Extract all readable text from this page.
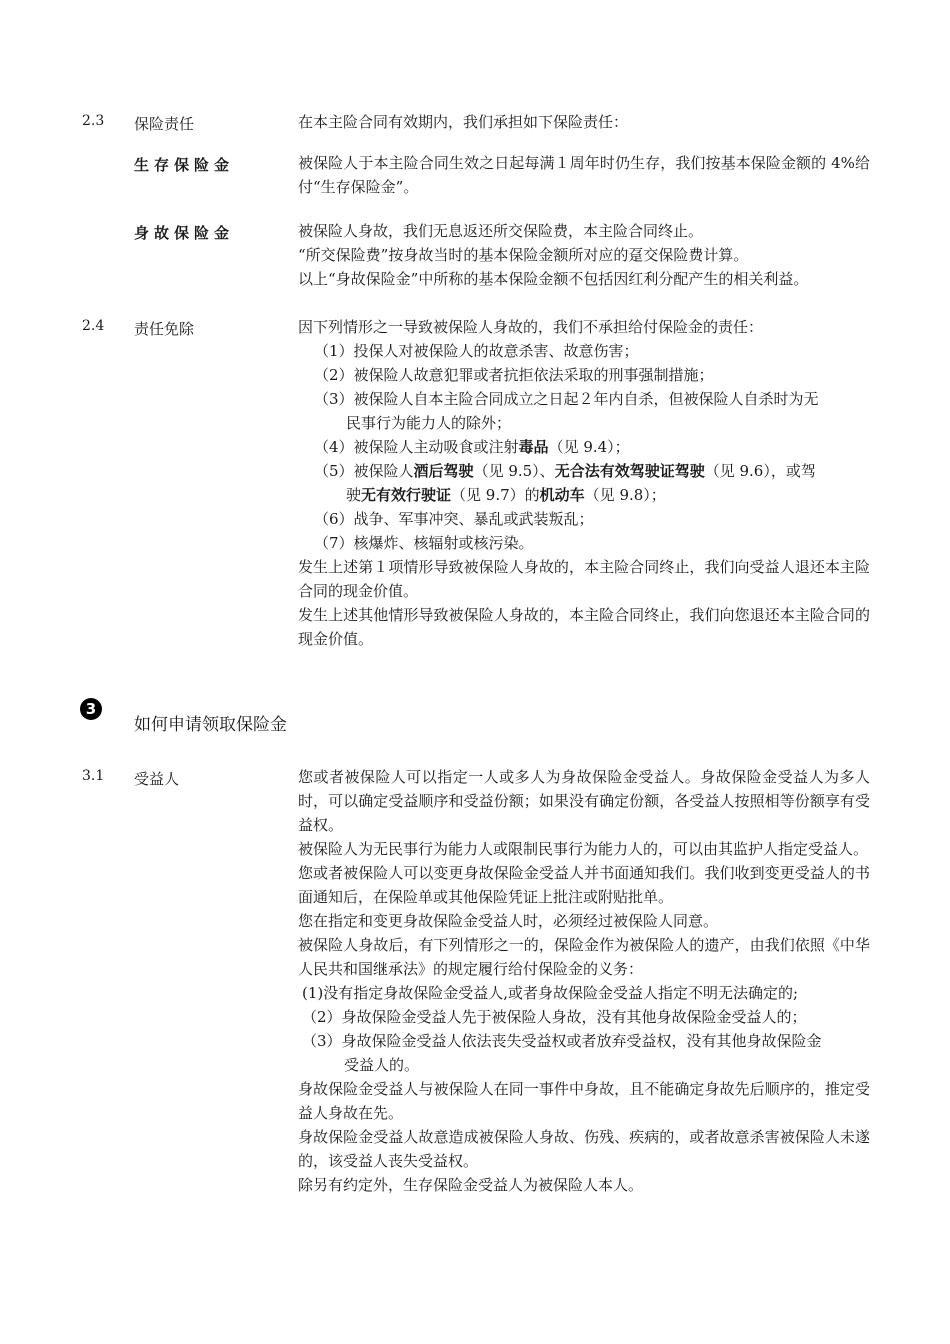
2.3	保险责任	在本主险合同有效期内，我们承担如下保险责任：

生存保险金	被保险人于本主险合同生效之日起每满１周年时仍生存，我们按基本保险金额的 4%给付“生存保险金”。

身故保险金	被保险人身故，我们无息返还所交保险费，本主险合同终止。

“所交保险费”按身故当时的基本保险金额所对应的趸交保险费计算。

以上“身故保险金”中所称的基本保险金额不包括因红利分配产生的相关利益。

2.4	责任免除	因下列情形之一导致被保险人身故的，我们不承担给付保险金的责任：

（1）投保人对被保险人的故意杀害、故意伤害；

（2）被保险人故意犯罪或者抗拒依法采取的刑事强制措施；

（3）被保险人自本主险合同成立之日起２年内自杀，但被保险人自杀时为无
民事行为能力人的除外；

（4）被保险人主动吸食或注射毒品（见 9.4）；

（5）被保险人酒后驾驶（见 9.5）、无合法有效驾驶证驾驶（见 9.6），或驾
驶无有效行驶证（见 9.7）的机动车（见 9.8）；

（6）战争、军事冲突、暴乱或武装叛乱；

（7）核爆炸、核辐射或核污染。

发生上述第１项情形导致被保险人身故的，本主险合同终止，我们向受益人退还本主险合同的现金价值。

发生上述其他情形导致被保险人身故的，本主险合同终止，我们向您退还本主险合同的现金价值。

3
如何申请领取保险金
3.1	受益人	您或者被保险人可以指定一人或多人为身故保险金受益人。身故保险金受益人为多人时，可以确定受益顺序和受益份额；如果没有确定份额，各受益人按照相等份额享有受益权。

被保险人为无民事行为能力人或限制民事行为能力人的，可以由其监护人指定受益人。

您或者被保险人可以变更身故保险金受益人并书面通知我们。我们收到变更受益人的书面通知后，在保险单或其他保险凭证上批注或附贴批单。

您在指定和变更身故保险金受益人时，必须经过被保险人同意。

被保险人身故后，有下列情形之一的，保险金作为被保险人的遗产，由我们依照《中华人民共和国继承法》的规定履行给付保险金的义务：

(1)没有指定身故保险金受益人,或者身故保险金受益人指定不明无法确定的;

（2）身故保险金受益人先于被保险人身故，没有其他身故保险金受益人的；

（3）身故保险金受益人依法丧失受益权或者放弃受益权，没有其他身故保险金
受益人的。

身故保险金受益人与被保险人在同一事件中身故，且不能确定身故先后顺序的，推定受益人身故在先。

身故保险金受益人故意造成被保险人身故、伤残、疾病的，或者故意杀害被保险人未遂的，该受益人丧失受益权。

除另有约定外，生存保险金受益人为被保险人本人。
